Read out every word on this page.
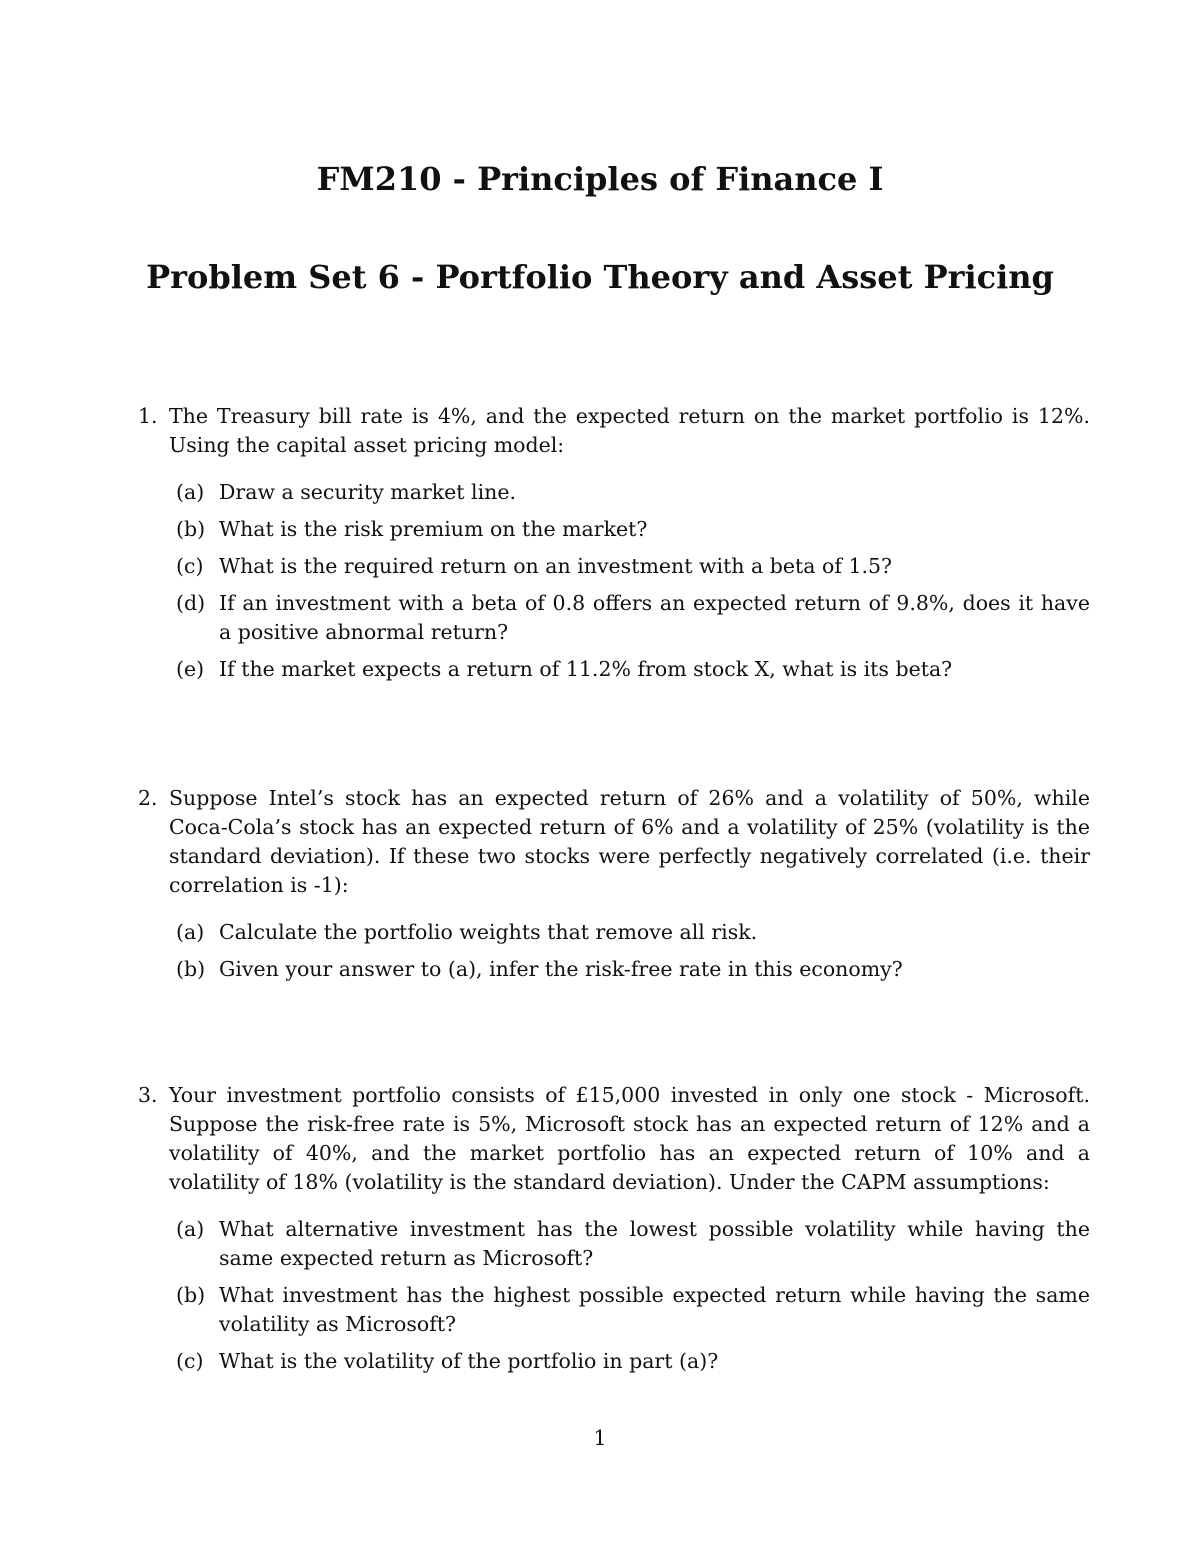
FM210 - Principles of Finance I
Problem Set 6 - Portfolio Theory and Asset Pricing
1. The Treasury bill rate is 4%, and the expected return on the market portfolio is 12%. Using the capital asset pricing model:
(a) Draw a security market line.
(b) What is the risk premium on the market?
(c) What is the required return on an investment with a beta of 1.5?
(d) If an investment with a beta of 0.8 offers an expected return of 9.8%, does it have a positive abnormal return?
(e) If the market expects a return of 11.2% from stock X, what is its beta?
2. Suppose Intel’s stock has an expected return of 26% and a volatility of 50%, while Coca-Cola’s stock has an expected return of 6% and a volatility of 25% (volatility is the standard deviation). If these two stocks were perfectly negatively correlated (i.e. their correlation is -1):
(a) Calculate the portfolio weights that remove all risk.
(b) Given your answer to (a), infer the risk-free rate in this economy?
3. Your investment portfolio consists of £15,000 invested in only one stock - Microsoft. Suppose the risk-free rate is 5%, Microsoft stock has an expected return of 12% and a volatility of 40%, and the market portfolio has an expected return of 10% and a volatility of 18% (volatility is the standard deviation). Under the CAPM assumptions:
(a) What alternative investment has the lowest possible volatility while having the same expected return as Microsoft?
(b) What investment has the highest possible expected return while having the same volatility as Microsoft?
(c) What is the volatility of the portfolio in part (a)?
1
